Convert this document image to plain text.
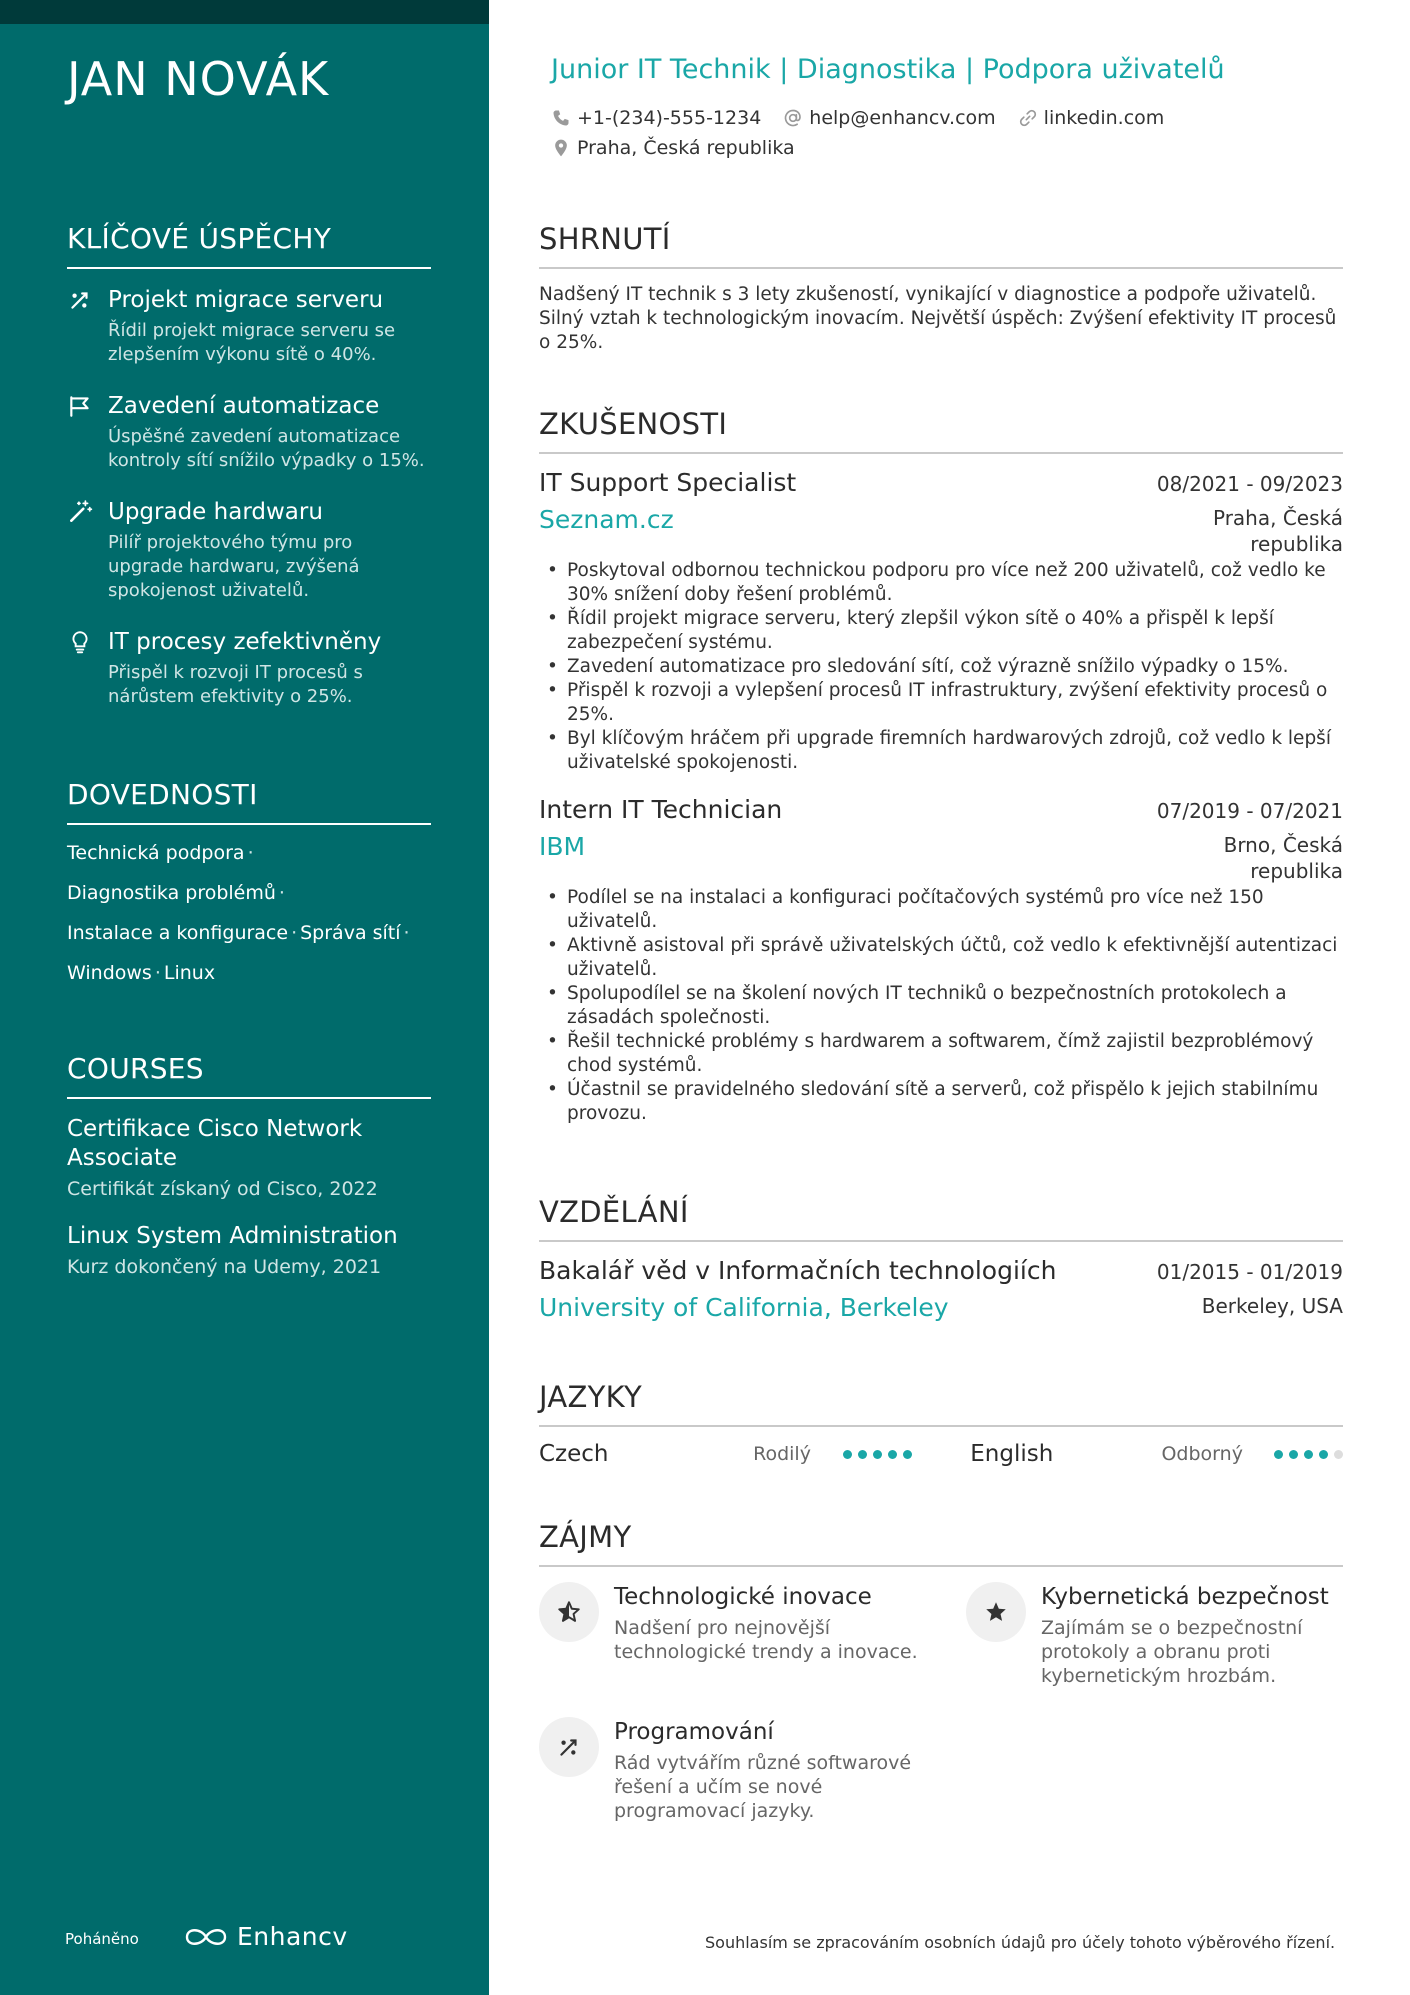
JAN NOVÁK
KLÍČOVÉ ÚSPĚCHY
Projekt migrace serveru
Řídil projekt migrace serveru se zlepšením výkonu sítě o 40%.
Zavedení automatizace
Úspěšné zavedení automatizace kontroly sítí snížilo výpadky o 15%.
Upgrade hardwaru
Pilíř projektového týmu pro upgrade hardwaru, zvýšená spokojenost uživatelů.
IT procesy zefektivněny
Přispěl k rozvoji IT procesů s nárůstem efektivity o 25%.
DOVEDNOSTI
Technická podpora ·
Diagnostika problémů ·
Instalace a konfigurace · Správa sítí ·
Windows · Linux
COURSES
Certifikace Cisco Network Associate
Certifikát získaný od Cisco, 2022
Linux System Administration
Kurz dokončený na Udemy, 2021
Poháněno	Enhancv
Junior IT Technik | Diagnostika | Podpora uživatelů
+1-(234)-555-1234	help@enhancv.com	linkedin.com
Praha, Česká republika
SHRNUTÍ
Nadšený IT technik s 3 lety zkušeností, vynikající v diagnostice a podpoře uživatelů. Silný vztah k technologickým inovacím. Největší úspěch: Zvýšení efektivity IT procesů o 25%.
ZKUŠENOSTI
IT Support Specialist	08/2021 - 09/2023
Seznam.cz	Praha, Česká republika
• Poskytoval odbornou technickou podporu pro více než 200 uživatelů, což vedlo ke 30% snížení doby řešení problémů.
• Řídil projekt migrace serveru, který zlepšil výkon sítě o 40% a přispěl k lepší zabezpečení systému.
• Zavedení automatizace pro sledování sítí, což výrazně snížilo výpadky o 15%.
• Přispěl k rozvoji a vylepšení procesů IT infrastruktury, zvýšení efektivity procesů o 25%.
• Byl klíčovým hráčem při upgrade firemních hardwarových zdrojů, což vedlo k lepší uživatelské spokojenosti.
Intern IT Technician	07/2019 - 07/2021
IBM	Brno, Česká republika
• Podílel se na instalaci a konfiguraci počítačových systémů pro více než 150 uživatelů.
• Aktivně asistoval při správě uživatelských účtů, což vedlo k efektivnější autentizaci uživatelů.
• Spolupodílel se na školení nových IT techniků o bezpečnostních protokolech a zásadách společnosti.
• Řešil technické problémy s hardwarem a softwarem, čímž zajistil bezproblémový chod systémů.
• Účastnil se pravidelného sledování sítě a serverů, což přispělo k jejich stabilnímu provozu.
VZDĚLÁNÍ
Bakalář věd v Informačních technologiích	01/2015 - 01/2019
University of California, Berkeley	Berkeley, USA
JAZYKY
Czech	Rodilý	English	Odborný
ZÁJMY
Technologické inovace
Nadšení pro nejnovější technologické trendy a inovace.
Kybernetická bezpečnost
Zajímám se o bezpečnostní protokoly a obranu proti kybernetickým hrozbám.
Programování
Rád vytvářím různé softwarové řešení a učím se nové programovací jazyky.
Souhlasím se zpracováním osobních údajů pro účely tohoto výběrového řízení.
